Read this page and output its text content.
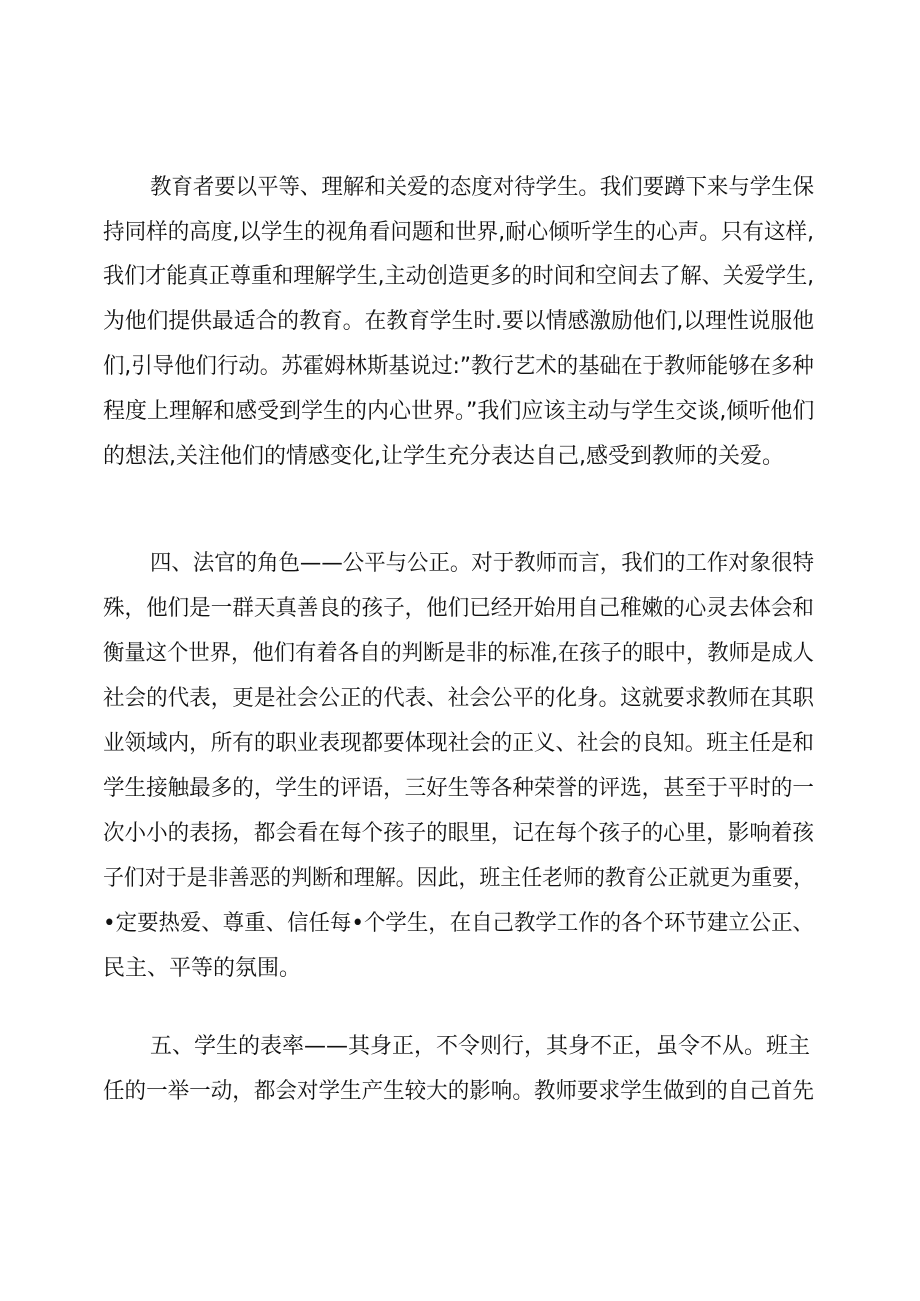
教育者要以平等、理解和关爱的态度对待学生。我们要蹲下来与学生保
持同样的高度,以学生的视角看问题和世界,耐心倾听学生的心声。只有这样,
我们才能真正尊重和理解学生,主动创造更多的时间和空间去了解、关爱学生,
为他们提供最适合的教育。在教育学生时.要以情感激励他们,以理性说服他
们,引导他们行动。苏霍姆林斯基说过:”教行艺术的基础在于教师能够在多种
程度上理解和感受到学生的内心世界。”我们应该主动与学生交谈,倾听他们
的想法,关注他们的情感变化,让学生充分表达自己,感受到教师的关爱。
四、法官的角色——公平与公正。对于教师而言，我们的工作对象很特
殊，他们是一群天真善良的孩子，他们已经开始用自己稚嫩的心灵去体会和
衡量这个世界，他们有着各自的判断是非的标准,在孩子的眼中，教师是成人
社会的代表，更是社会公正的代表、社会公平的化身。这就要求教师在其职
业领域内，所有的职业表现都要体现社会的正义、社会的良知。班主任是和
学生接触最多的，学生的评语，三好生等各种荣誉的评选，甚至于平时的一
次小小的表扬，都会看在每个孩子的眼里，记在每个孩子的心里，影响着孩
子们对于是非善恶的判断和理解。因此，班主任老师的教育公正就更为重要，
•定要热爱、尊重、信任每•个学生，在自己教学工作的各个环节建立公正、
民主、平等的氛围。
五、学生的表率——其身正，不令则行，其身不正，虽令不从。班主
任的一举一动，都会对学生产生较大的影响。教师要求学生做到的自己首先
